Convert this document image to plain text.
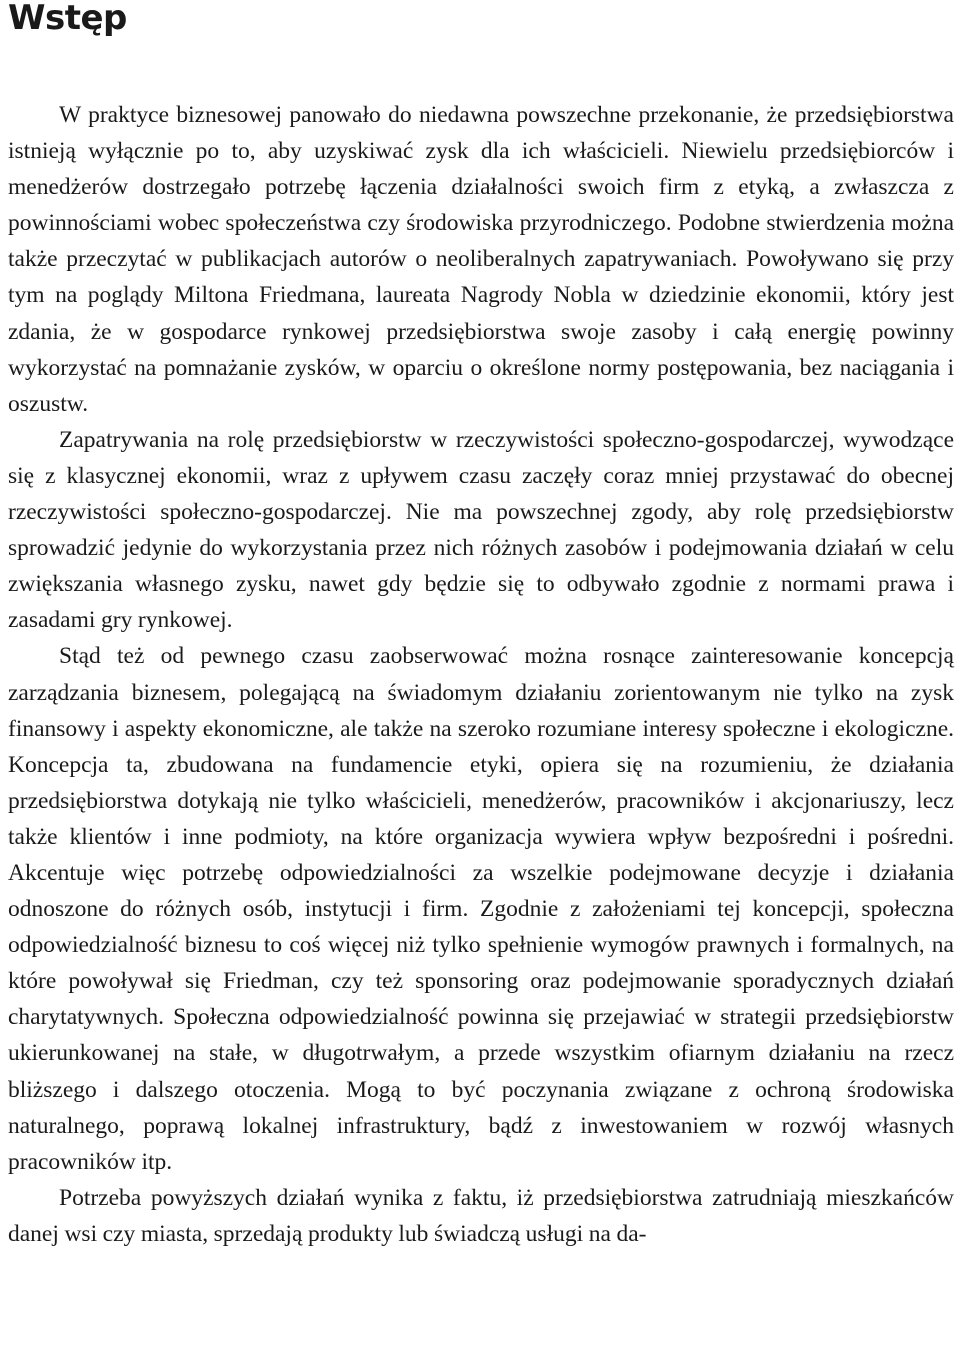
Wstęp

W praktyce biznesowej panowało do niedawna powszechne przekonanie, że przedsiębiorstwa istnieją wyłącznie po to, aby uzyskiwać zysk dla ich właścicieli. Niewielu przedsiębiorców i menedżerów dostrzegało potrzebę łączenia działalności swoich firm z etyką, a zwłaszcza z powinnościami wobec społeczeństwa czy środowiska przyrodniczego. Podobne stwierdzenia można także przeczytać w publikacjach autorów o neoliberalnych zapatrywaniach. Powoływano się przy tym na poglądy Miltona Friedmana, laureata Nagrody Nobla w dziedzinie ekonomii, który jest zdania, że w gospodarce rynkowej przedsiębiorstwa swoje zasoby i całą energię powinny wykorzystać na pomnażanie zysków, w oparciu o określone normy postępowania, bez naciągania i oszustw.

Zapatrywania na rolę przedsiębiorstw w rzeczywistości społeczno-gospodarczej, wywodzące się z klasycznej ekonomii, wraz z upływem czasu zaczęły coraz mniej przystawać do obecnej rzeczywistości społeczno-gospodarczej. Nie ma powszechnej zgody, aby rolę przedsiębiorstw sprowadzić jedynie do wykorzystania przez nich różnych zasobów i podejmowania działań w celu zwiększania własnego zysku, nawet gdy będzie się to odbywało zgodnie z normami prawa i zasadami gry rynkowej.

Stąd też od pewnego czasu zaobserwować można rosnące zainteresowanie koncepcją zarządzania biznesem, polegającą na świadomym działaniu zorientowanym nie tylko na zysk finansowy i aspekty ekonomiczne, ale także na szeroko rozumiane interesy społeczne i ekologiczne. Koncepcja ta, zbudowana na fundamencie etyki, opiera się na rozumieniu, że działania przedsiębiorstwa dotykają nie tylko właścicieli, menedżerów, pracowników i akcjonariuszy, lecz także klientów i inne podmioty, na które organizacja wywiera wpływ bezpośredni i pośredni. Akcentuje więc potrzebę odpowiedzialności za wszelkie podejmowane decyzje i działania odnoszone do różnych osób, instytucji i firm. Zgodnie z założeniami tej koncepcji, społeczna odpowiedzialność biznesu to coś więcej niż tylko spełnienie wymogów prawnych i formalnych, na które powoływał się Friedman, czy też sponsoring oraz podejmowanie sporadycznych działań charytatywnych. Społeczna odpowiedzialność powinna się przejawiać w strategii przedsiębiorstw ukierunkowanej na stałe, w długotrwałym, a przede wszystkim ofiarnym działaniu na rzecz bliższego i dalszego otoczenia. Mogą to być poczynania związane z ochroną środowiska naturalnego, poprawą lokalnej infrastruktury, bądź z inwestowaniem w rozwój własnych pracowników itp.

Potrzeba powyższych działań wynika z faktu, iż przedsiębiorstwa zatrudniają mieszkańców danej wsi czy miasta, sprzedają produkty lub świadczą usługi na da-
